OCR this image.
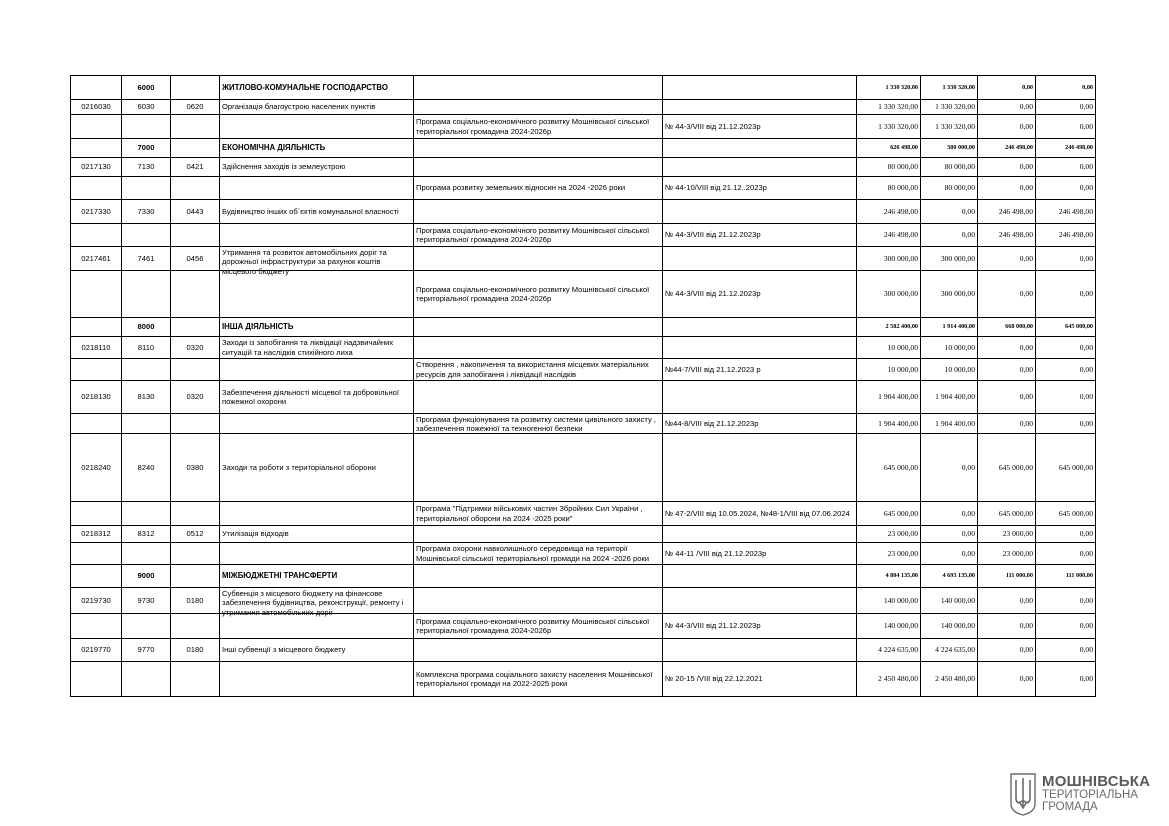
	6000		ЖИТЛОВО-КОМУНАЛЬНЕ ГОСПОДАРСТВО			1 330 320,00	1 330 320,00	0,00	0,00

0216030	6030	0620	Організація благоустрою населених пунктів			1 330 320,00	1 330 320,00	0,00	0,00

				Програма соціально-економічного розвитку Мошнівської сільської територіальної громадина 2024-2026р	№ 44-3/VIII від 21.12.2023р	1 330 320,00	1 330 320,00	0,00	0,00

	7000		ЕКОНОМІЧНА ДІЯЛЬНІСТЬ			626 498,00	380 000,00	246 498,00	246 498,00

0217130	7130	0421	Здійснення заходів із землеустрою			80 000,00	80 000,00	0,00	0,00

				Програма розвитку земельних відносин на 2024 -2026 роки	№ 44-10/VIII від 21.12..2023р	80 000,00	80 000,00	0,00	0,00

0217330	7330	0443	Будівництво інших об`єктів комунальної власності			246 498,00	0,00	246 498,00	246 498,00

				Програма соціально-економічного розвитку Мошнівської сільської територіальної громадина 2024-2026р	№ 44-3/VIII від 21.12.2023р	246 498,00	0,00	246 498,00	246 498,00

0217461	7461	0456	Утримання та розвиток автомобільних доріг та дорожньої інфраструктури за рахунок коштів місцевого бюджету			300 000,00	300 000,00	0,00	0,00

				Програма соціально-економічного розвитку Мошнівської сільської територіальної громадина 2024-2026р	№ 44-3/VIII від 21.12.2023р	300 000,00	300 000,00	0,00	0,00

	8000		ІНША ДІЯЛЬНІСТЬ			2 582 400,00	1 914 400,00	668 000,00	645 000,00

0218110	8110	0320	Заходи із запобігання та ліквідації надзвичайних ситуацій та наслідків стихійного лиха			10 000,00	10 000,00	0,00	0,00

				Створення , накопичення та використання місцевих матеріальних ресурсів для запобігання і ліквідації наслідків	№44-7/VIII від 21.12.2023 р	10 000,00	10 000,00	0,00	0,00

0218130	8130	0320	Забезпечення діяльності місцевої та добровільної пожежної охорони			1 904 400,00	1 904 400,00	0,00	0,00

				Програма функціонування та розвитку системи цивільного захисту , забезпечення пожежної та техногенної безпеки	№44-8/VIII від 21.12.2023р	1 904 400,00	1 904 400,00	0,00	0,00

0218240	8240	0380	Заходи та роботи з територіальної оборони			645 000,00	0,00	645 000,00	645 000,00

				Програма "Підтримки військових частин Збройних Сил України , територіальної оборони на 2024 -2025 роки"	№ 47-2/VIII від 10.05.2024, №48-1/VIII від 07.06.2024	645 000,00	0,00	645 000,00	645 000,00

0218312	8312	0512	Утилізація відходів			23 000,00	0,00	23 000,00	0,00

				Програма охорони навколишнього середовища на території Мошнівської сільської територіальної громади на 2024 -2026 роки	№ 44-11 /VIII від 21.12.2023р	23 000,00	0,00	23 000,00	0,00

	9000		МІЖБЮДЖЕТНІ ТРАНСФЕРТИ			4 804 135,00	4 693 135,00	111 000,00	111 000,00

0219730	9730	0180	Субвенція з місцевого бюджету на фінансове забезпечення будівництва, реконструкції, ремонту і утримання автомобільних доріг			140 000,00	140 000,00	0,00	0,00

				Програма соціально-економічного розвитку Мошнівської сільської територіальної громадина 2024-2026р	№ 44-3/VIII від 21.12.2023р	140 000,00	140 000,00	0,00	0,00

0219770	9770	0180	Інші субвенції з місцевого бюджету			4 224 635,00	4 224 635,00	0,00	0,00

				Комплексна програма соціального захисту населення Мошнівської територіальної громади на 2022-2025 роки	№ 20-15 /VIII від 22.12.2021	2 450 480,00	2 450 480,00	0,00	0,00
МОШНІВСЬКА
ТЕРИТОРІАЛЬНА
ГРОМАДА
